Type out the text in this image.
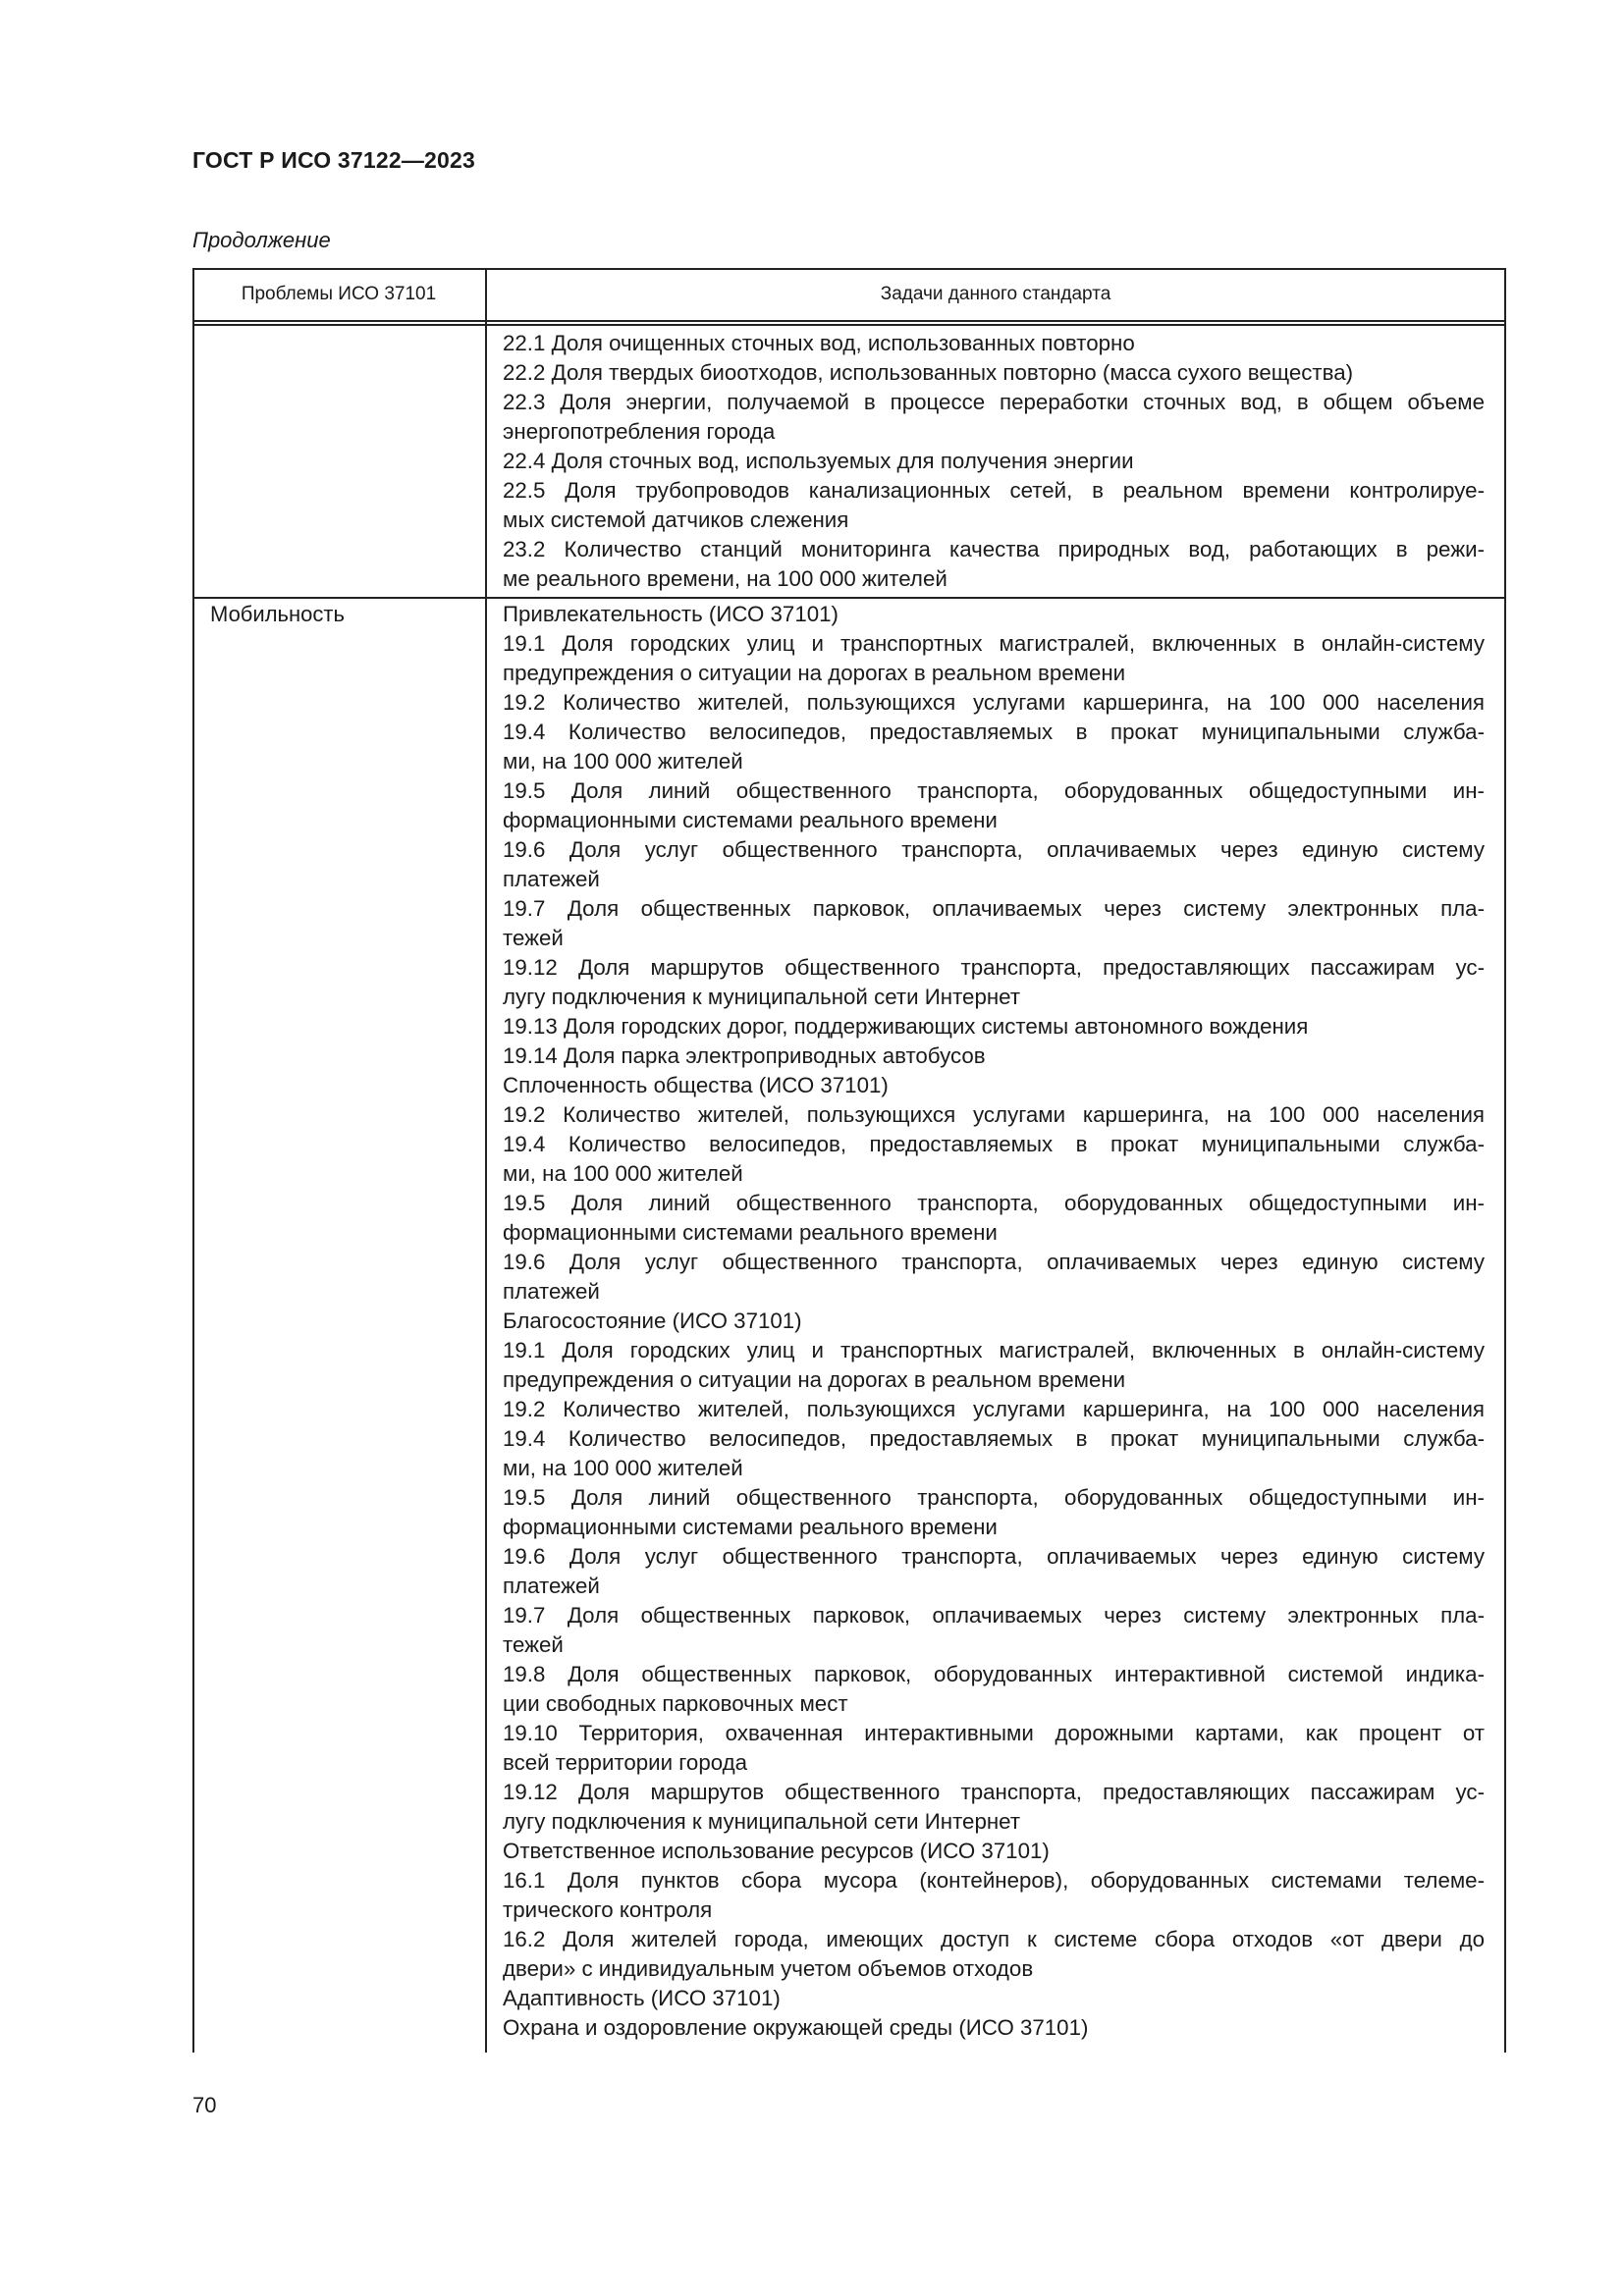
ГОСТ Р ИСО 37122—2023
Продолжение
Проблемы ИСО 37101	Задачи данного стандарта
22.1 Доля очищенных сточных вод, использованных повторно
22.2 Доля твердых биоотходов, использованных повторно (масса сухого вещества)
22.3 Доля энергии, получаемой в процессе переработки сточных вод, в общем объеме
энергопотребления города
22.4 Доля сточных вод, используемых для получения энергии
22.5 Доля трубопроводов канализационных сетей, в реальном времени контролируе-
мых системой датчиков слежения
23.2 Количество станций мониторинга качества природных вод, работающих в режи-
ме реального времени, на 100 000 жителей
Мобильность	Привлекательность (ИСО 37101)
19.1 Доля городских улиц и транспортных магистралей, включенных в онлайн-систему
предупреждения о ситуации на дорогах в реальном времени
19.2 Количество жителей, пользующихся услугами каршеринга, на 100 000 населения
19.4 Количество велосипедов, предоставляемых в прокат муниципальными служба-
ми, на 100 000 жителей
19.5 Доля линий общественного транспорта, оборудованных общедоступными ин-
формационными системами реального времени
19.6 Доля услуг общественного транспорта, оплачиваемых через единую систему
платежей
19.7 Доля общественных парковок, оплачиваемых через систему электронных пла-
тежей
19.12 Доля маршрутов общественного транспорта, предоставляющих пассажирам ус-
лугу подключения к муниципальной сети Интернет
19.13 Доля городских дорог, поддерживающих системы автономного вождения
19.14 Доля парка электроприводных автобусов
Сплоченность общества (ИСО 37101)
19.2 Количество жителей, пользующихся услугами каршеринга, на 100 000 населения
19.4 Количество велосипедов, предоставляемых в прокат муниципальными служба-
ми, на 100 000 жителей
19.5 Доля линий общественного транспорта, оборудованных общедоступными ин-
формационными системами реального времени
19.6 Доля услуг общественного транспорта, оплачиваемых через единую систему
платежей
Благосостояние (ИСО 37101)
19.1 Доля городских улиц и транспортных магистралей, включенных в онлайн-систему
предупреждения о ситуации на дорогах в реальном времени
19.2 Количество жителей, пользующихся услугами каршеринга, на 100 000 населения
19.4 Количество велосипедов, предоставляемых в прокат муниципальными служба-
ми, на 100 000 жителей
19.5 Доля линий общественного транспорта, оборудованных общедоступными ин-
формационными системами реального времени
19.6 Доля услуг общественного транспорта, оплачиваемых через единую систему
платежей
19.7 Доля общественных парковок, оплачиваемых через систему электронных пла-
тежей
19.8 Доля общественных парковок, оборудованных интерактивной системой индика-
ции свободных парковочных мест
19.10 Территория, охваченная интерактивными дорожными картами, как процент от
всей территории города
19.12 Доля маршрутов общественного транспорта, предоставляющих пассажирам ус-
лугу подключения к муниципальной сети Интернет
Ответственное использование ресурсов (ИСО 37101)
16.1 Доля пунктов сбора мусора (контейнеров), оборудованных системами телеме-
трического контроля
16.2 Доля жителей города, имеющих доступ к системе сбора отходов «от двери до
двери» с индивидуальным учетом объемов отходов
Адаптивность (ИСО 37101)
Охрана и оздоровление окружающей среды (ИСО 37101)
70
